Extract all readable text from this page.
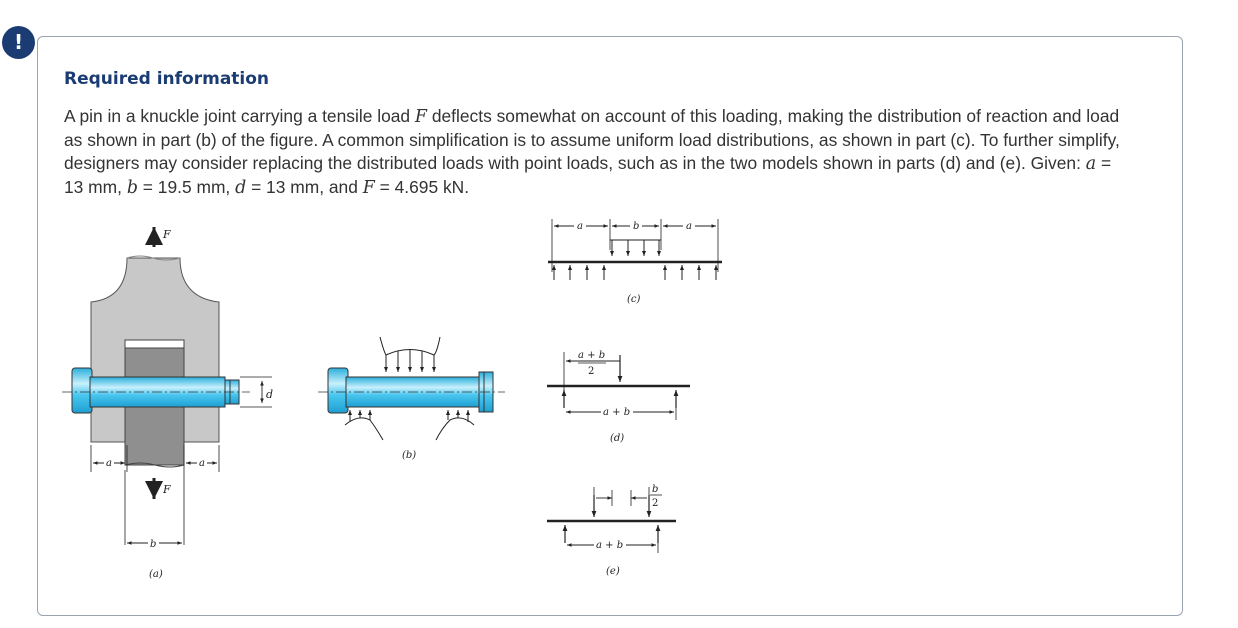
!
Required information

A pin in a knuckle joint carrying a tensile load F deflects somewhat on account of this loading, making the distribution of reaction and load as shown in part (b) of the figure. A common simplification is to assume uniform load distributions, as shown in part (c). To further simplify, designers may consider replacing the distributed loads with point loads, such as in the two models shown in parts (d) and (e). Given: a = 13 mm, b = 19.5 mm, d = 13 mm, and F = 4.695 kN.

F
d
a	a
F
b
(a)
(b)
a	b	a
(c)
a + b
2
a + b
(d)
b
2
a + b
(e)
